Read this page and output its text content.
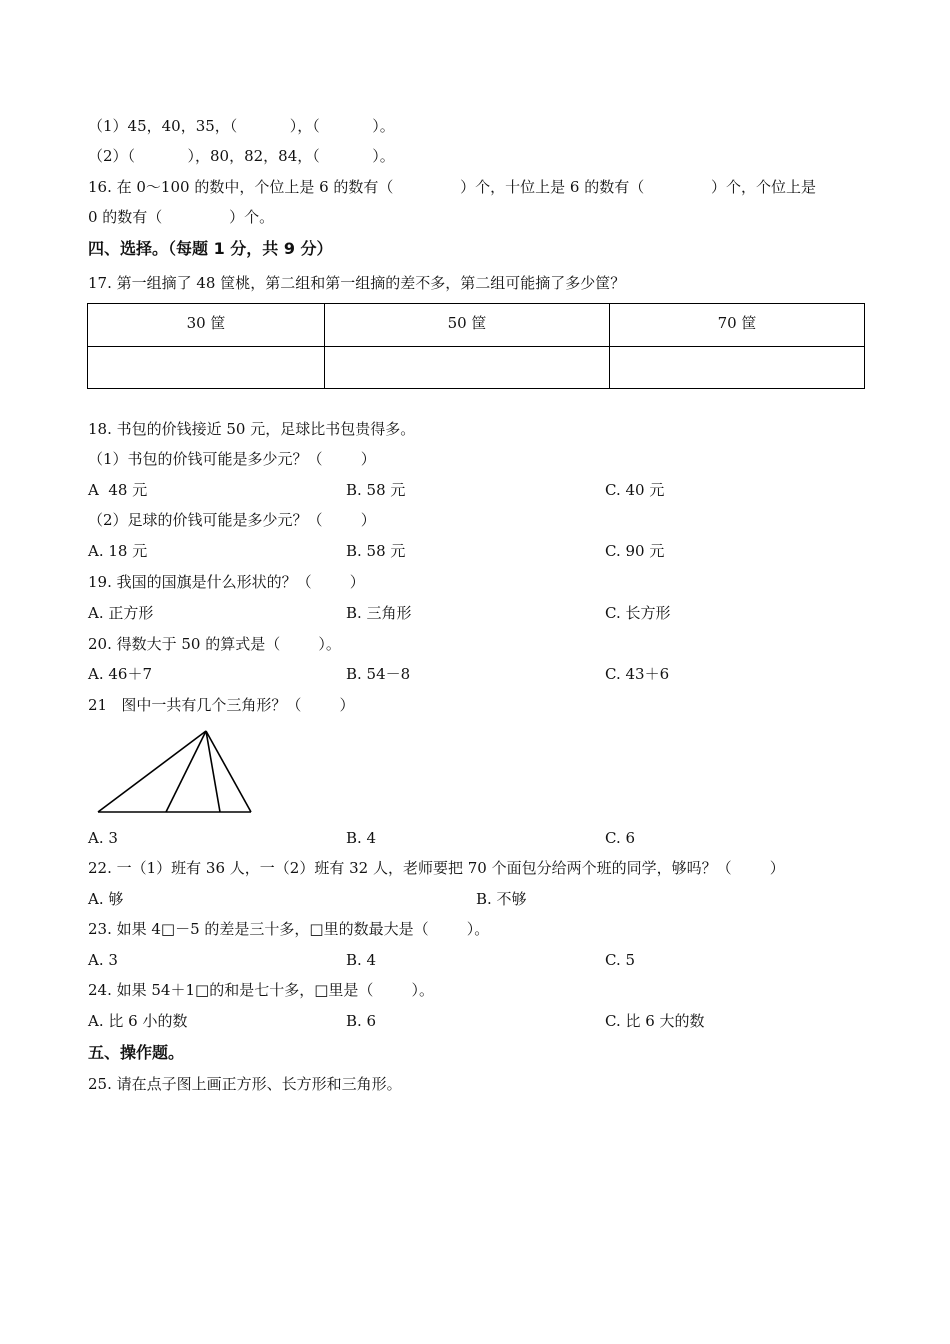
（1）45，40，35，（           ），（           ）。
（2）（           ），80，82，84，（           ）。
16. 在 0～100 的数中，个位上是 6 的数有（              ）个，十位上是 6 的数有（              ）个，个位上是
0 的数有（              ）个。
四、选择。（每题 1 分，共 9 分）
17. 第一组摘了 48 筐桃，第二组和第一组摘的差不多，第二组可能摘了多少筐？
30 筐	50 筐	70 筐

18. 书包的价钱接近 50 元，足球比书包贵得多。
（1）书包的价钱可能是多少元？（        ）
A  48 元	B. 58 元	C. 40 元
（2）足球的价钱可能是多少元？（        ）
A. 18 元	B. 58 元	C. 90 元
19. 我国的国旗是什么形状的？（        ）
A. 正方形	B. 三角形	C. 长方形
20. 得数大于 50 的算式是（        ）。
A. 46＋7	B. 54－8	C. 43＋6
21   图中一共有几个三角形？（        ）
A. 3	B. 4	C. 6
22. 一（1）班有 36 人，一（2）班有 32 人，老师要把 70 个面包分给两个班的同学，够吗？（        ）
A. 够	B. 不够
23. 如果 4□－5 的差是三十多，□里的数最大是（        ）。
A. 3	B. 4	C. 5
24. 如果 54＋1□的和是七十多，□里是（        ）。
A. 比 6 小的数	B. 6	C. 比 6 大的数
五、操作题。
25. 请在点子图上画正方形、长方形和三角形。
